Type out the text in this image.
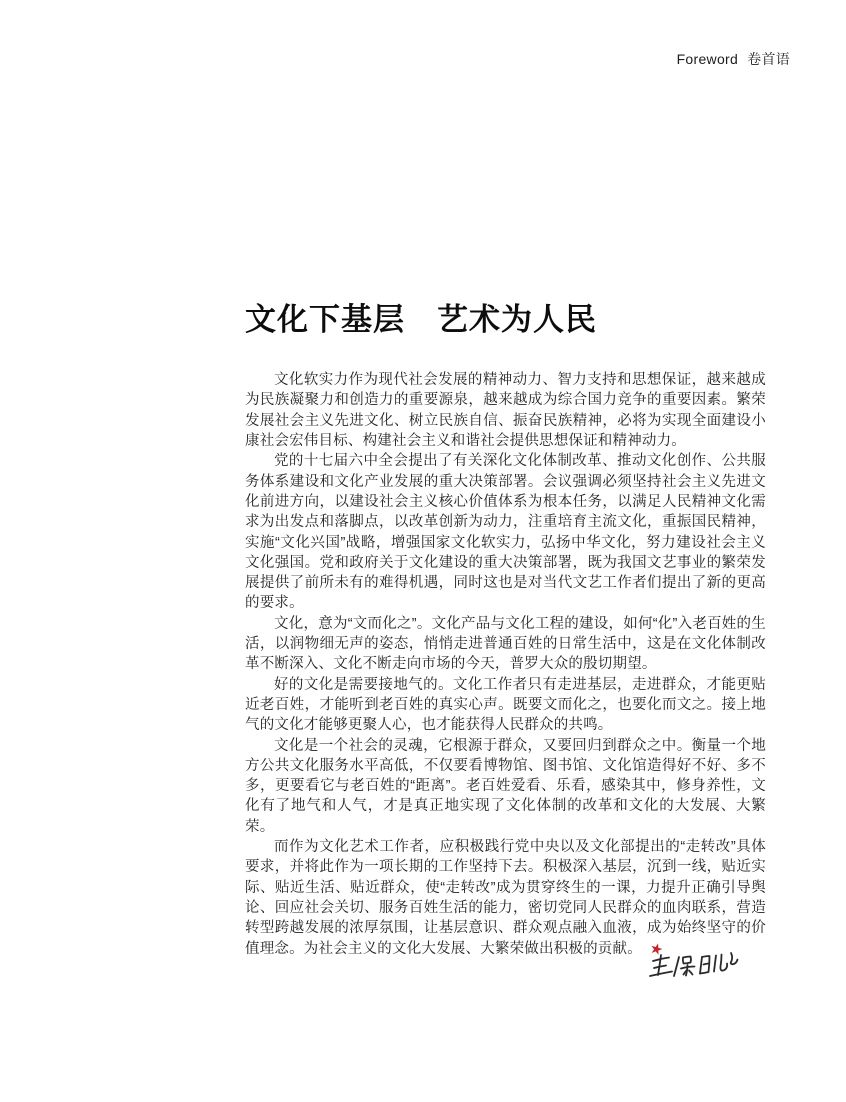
Foreword 卷首语
文化下基层　艺术为人民

文化软实力作为现代社会发展的精神动力、智力支持和思想保证，越来越成为民族凝聚力和创造力的重要源泉，越来越成为综合国力竞争的重要因素。繁荣发展社会主义先进文化、树立民族自信、振奋民族精神，必将为实现全面建设小康社会宏伟目标、构建社会主义和谐社会提供思想保证和精神动力。

党的十七届六中全会提出了有关深化文化体制改革、推动文化创作、公共服务体系建设和文化产业发展的重大决策部署。会议强调必须坚持社会主义先进文化前进方向，以建设社会主义核心价值体系为根本任务，以满足人民精神文化需求为出发点和落脚点，以改革创新为动力，注重培育主流文化，重振国民精神，实施“文化兴国”战略，增强国家文化软实力，弘扬中华文化，努力建设社会主义文化强国。党和政府关于文化建设的重大决策部署，既为我国文艺事业的繁荣发展提供了前所未有的难得机遇，同时这也是对当代文艺工作者们提出了新的更高的要求。

文化，意为“文而化之”。文化产品与文化工程的建设，如何“化”入老百姓的生活，以润物细无声的姿态，悄悄走进普通百姓的日常生活中，这是在文化体制改革不断深入、文化不断走向市场的今天，普罗大众的殷切期望。

好的文化是需要接地气的。文化工作者只有走进基层，走进群众，才能更贴近老百姓，才能听到老百姓的真实心声。既要文而化之，也要化而文之。接上地气的文化才能够更聚人心，也才能获得人民群众的共鸣。

文化是一个社会的灵魂，它根源于群众，又要回归到群众之中。衡量一个地方公共文化服务水平高低，不仅要看博物馆、图书馆、文化馆造得好不好、多不多，更要看它与老百姓的“距离”。老百姓爱看、乐看，感染其中，修身养性，文化有了地气和人气，才是真正地实现了文化体制的改革和文化的大发展、大繁荣。

而作为文化艺术工作者，应积极践行党中央以及文化部提出的“走转改”具体要求，并将此作为一项长期的工作坚持下去。积极深入基层，沉到一线，贴近实际、贴近生活、贴近群众，使“走转改”成为贯穿终生的一课，力提升正确引导舆论、回应社会关切、服务百姓生活的能力，密切党同人民群众的血肉联系，营造转型跨越发展的浓厚氛围，让基层意识、群众观点融入血液，成为始终坚守的价值理念。为社会主义的文化大发展、大繁荣做出积极的贡献。 ★
